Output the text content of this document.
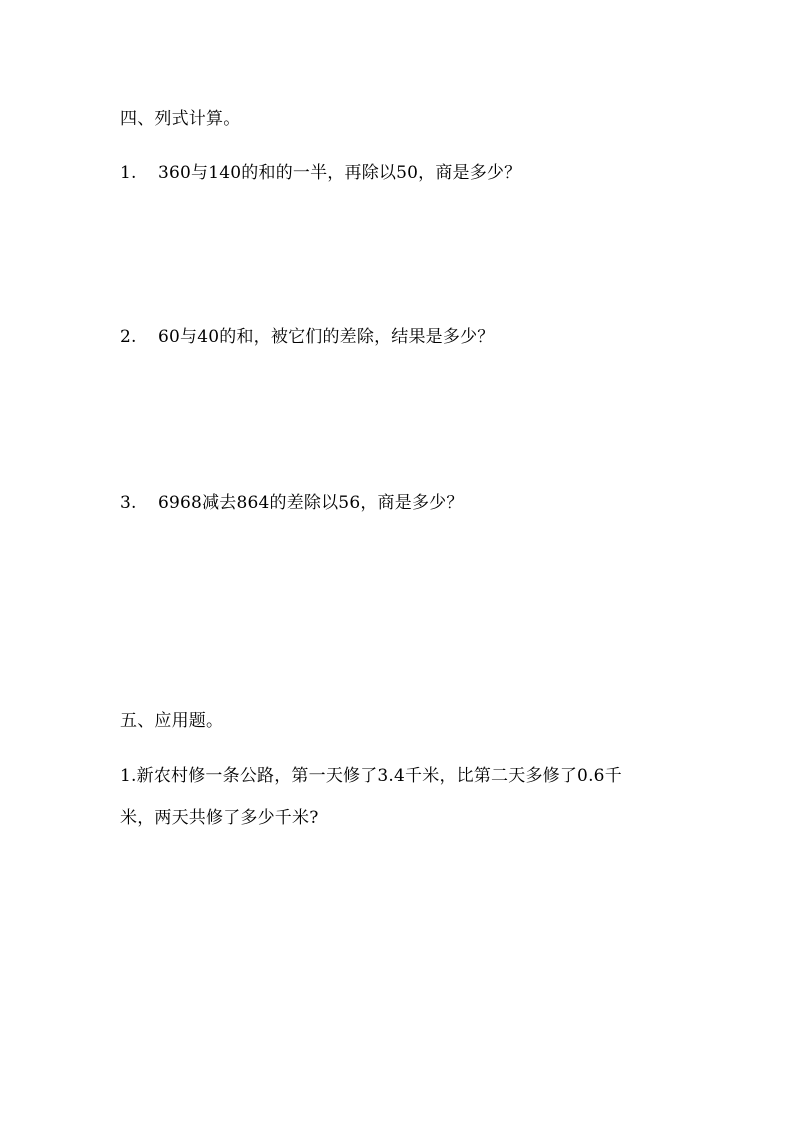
四、列式计算。
1. 360与140的和的一半，再除以50，商是多少？
2. 60与40的和，被它们的差除，结果是多少？
3. 6968减去864的差除以56，商是多少？
五、应用题。
1.新农村修一条公路，第一天修了3.4千米，比第二天多修了0.6千
米，两天共修了多少千米?
